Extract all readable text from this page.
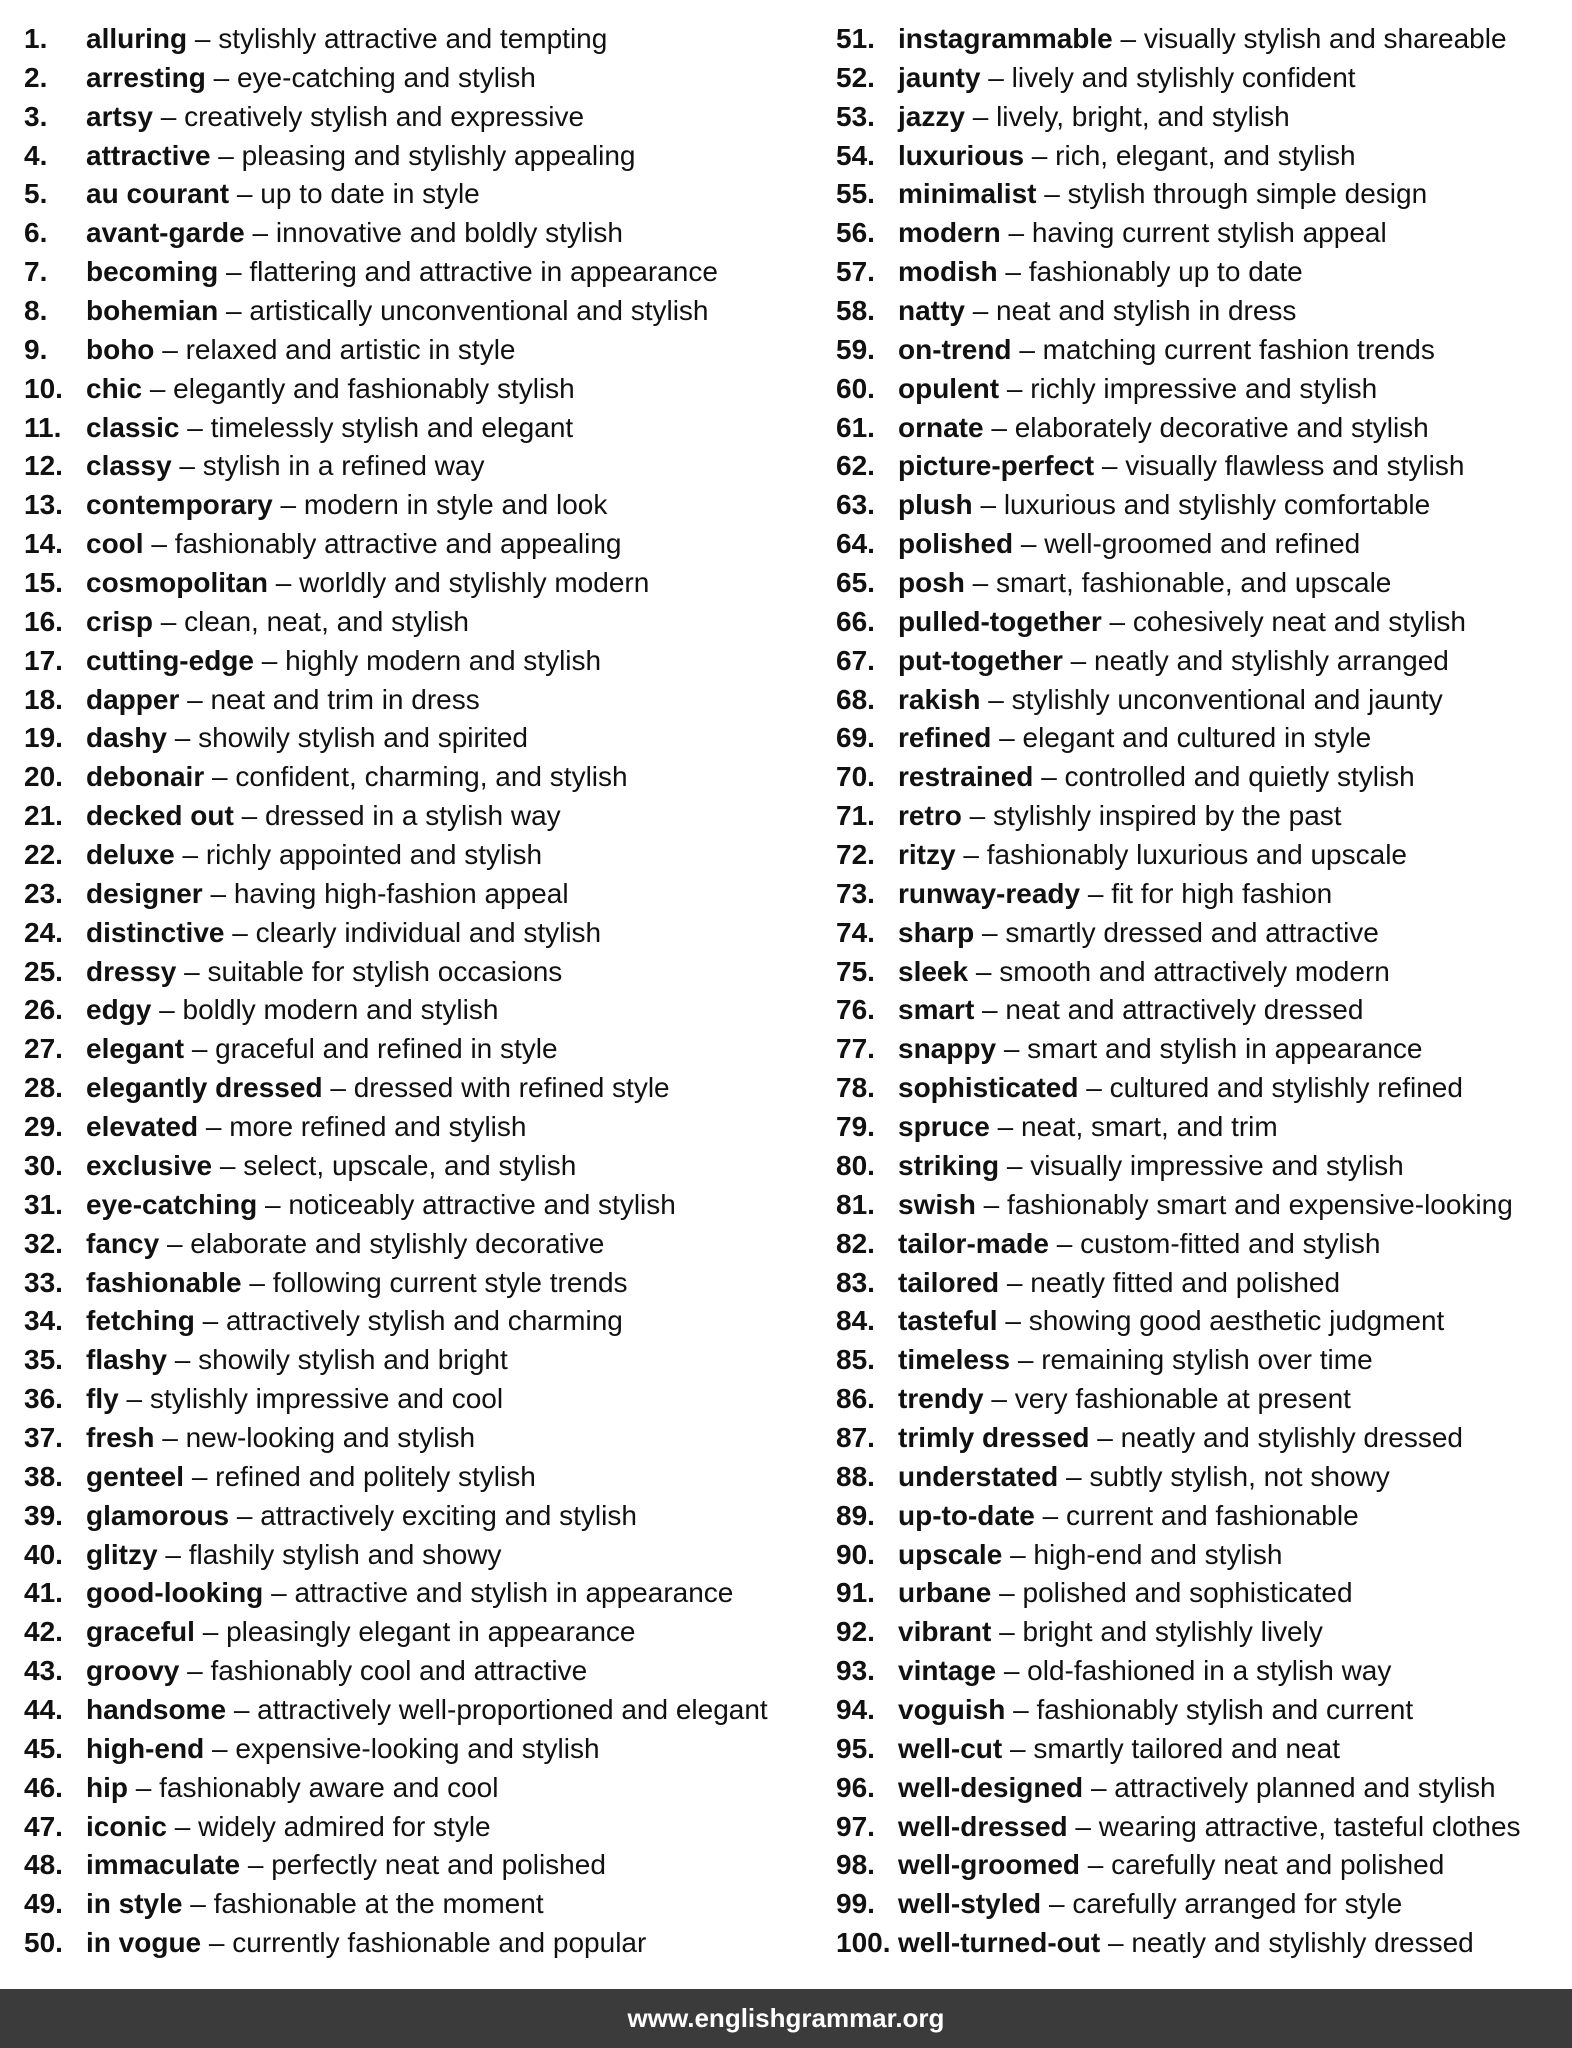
1. alluring – stylishly attractive and tempting
2. arresting – eye-catching and stylish
3. artsy – creatively stylish and expressive
4. attractive – pleasing and stylishly appealing
5. au courant – up to date in style
6. avant-garde – innovative and boldly stylish
7. becoming – flattering and attractive in appearance
8. bohemian – artistically unconventional and stylish
9. boho – relaxed and artistic in style
10. chic – elegantly and fashionably stylish
11. classic – timelessly stylish and elegant
12. classy – stylish in a refined way
13. contemporary – modern in style and look
14. cool – fashionably attractive and appealing
15. cosmopolitan – worldly and stylishly modern
16. crisp – clean, neat, and stylish
17. cutting-edge – highly modern and stylish
18. dapper – neat and trim in dress
19. dashy – showily stylish and spirited
20. debonair – confident, charming, and stylish
21. decked out – dressed in a stylish way
22. deluxe – richly appointed and stylish
23. designer – having high-fashion appeal
24. distinctive – clearly individual and stylish
25. dressy – suitable for stylish occasions
26. edgy – boldly modern and stylish
27. elegant – graceful and refined in style
28. elegantly dressed – dressed with refined style
29. elevated – more refined and stylish
30. exclusive – select, upscale, and stylish
31. eye-catching – noticeably attractive and stylish
32. fancy – elaborate and stylishly decorative
33. fashionable – following current style trends
34. fetching – attractively stylish and charming
35. flashy – showily stylish and bright
36. fly – stylishly impressive and cool
37. fresh – new-looking and stylish
38. genteel – refined and politely stylish
39. glamorous – attractively exciting and stylish
40. glitzy – flashily stylish and showy
41. good-looking – attractive and stylish in appearance
42. graceful – pleasingly elegant in appearance
43. groovy – fashionably cool and attractive
44. handsome – attractively well-proportioned and elegant
45. high-end – expensive-looking and stylish
46. hip – fashionably aware and cool
47. iconic – widely admired for style
48. immaculate – perfectly neat and polished
49. in style – fashionable at the moment
50. in vogue – currently fashionable and popular
51. instagrammable – visually stylish and shareable
52. jaunty – lively and stylishly confident
53. jazzy – lively, bright, and stylish
54. luxurious – rich, elegant, and stylish
55. minimalist – stylish through simple design
56. modern – having current stylish appeal
57. modish – fashionably up to date
58. natty – neat and stylish in dress
59. on-trend – matching current fashion trends
60. opulent – richly impressive and stylish
61. ornate – elaborately decorative and stylish
62. picture-perfect – visually flawless and stylish
63. plush – luxurious and stylishly comfortable
64. polished – well-groomed and refined
65. posh – smart, fashionable, and upscale
66. pulled-together – cohesively neat and stylish
67. put-together – neatly and stylishly arranged
68. rakish – stylishly unconventional and jaunty
69. refined – elegant and cultured in style
70. restrained – controlled and quietly stylish
71. retro – stylishly inspired by the past
72. ritzy – fashionably luxurious and upscale
73. runway-ready – fit for high fashion
74. sharp – smartly dressed and attractive
75. sleek – smooth and attractively modern
76. smart – neat and attractively dressed
77. snappy – smart and stylish in appearance
78. sophisticated – cultured and stylishly refined
79. spruce – neat, smart, and trim
80. striking – visually impressive and stylish
81. swish – fashionably smart and expensive-looking
82. tailor-made – custom-fitted and stylish
83. tailored – neatly fitted and polished
84. tasteful – showing good aesthetic judgment
85. timeless – remaining stylish over time
86. trendy – very fashionable at present
87. trimly dressed – neatly and stylishly dressed
88. understated – subtly stylish, not showy
89. up-to-date – current and fashionable
90. upscale – high-end and stylish
91. urbane – polished and sophisticated
92. vibrant – bright and stylishly lively
93. vintage – old-fashioned in a stylish way
94. voguish – fashionably stylish and current
95. well-cut – smartly tailored and neat
96. well-designed – attractively planned and stylish
97. well-dressed – wearing attractive, tasteful clothes
98. well-groomed – carefully neat and polished
99. well-styled – carefully arranged for style
100. well-turned-out – neatly and stylishly dressed
www.englishgrammar.org
